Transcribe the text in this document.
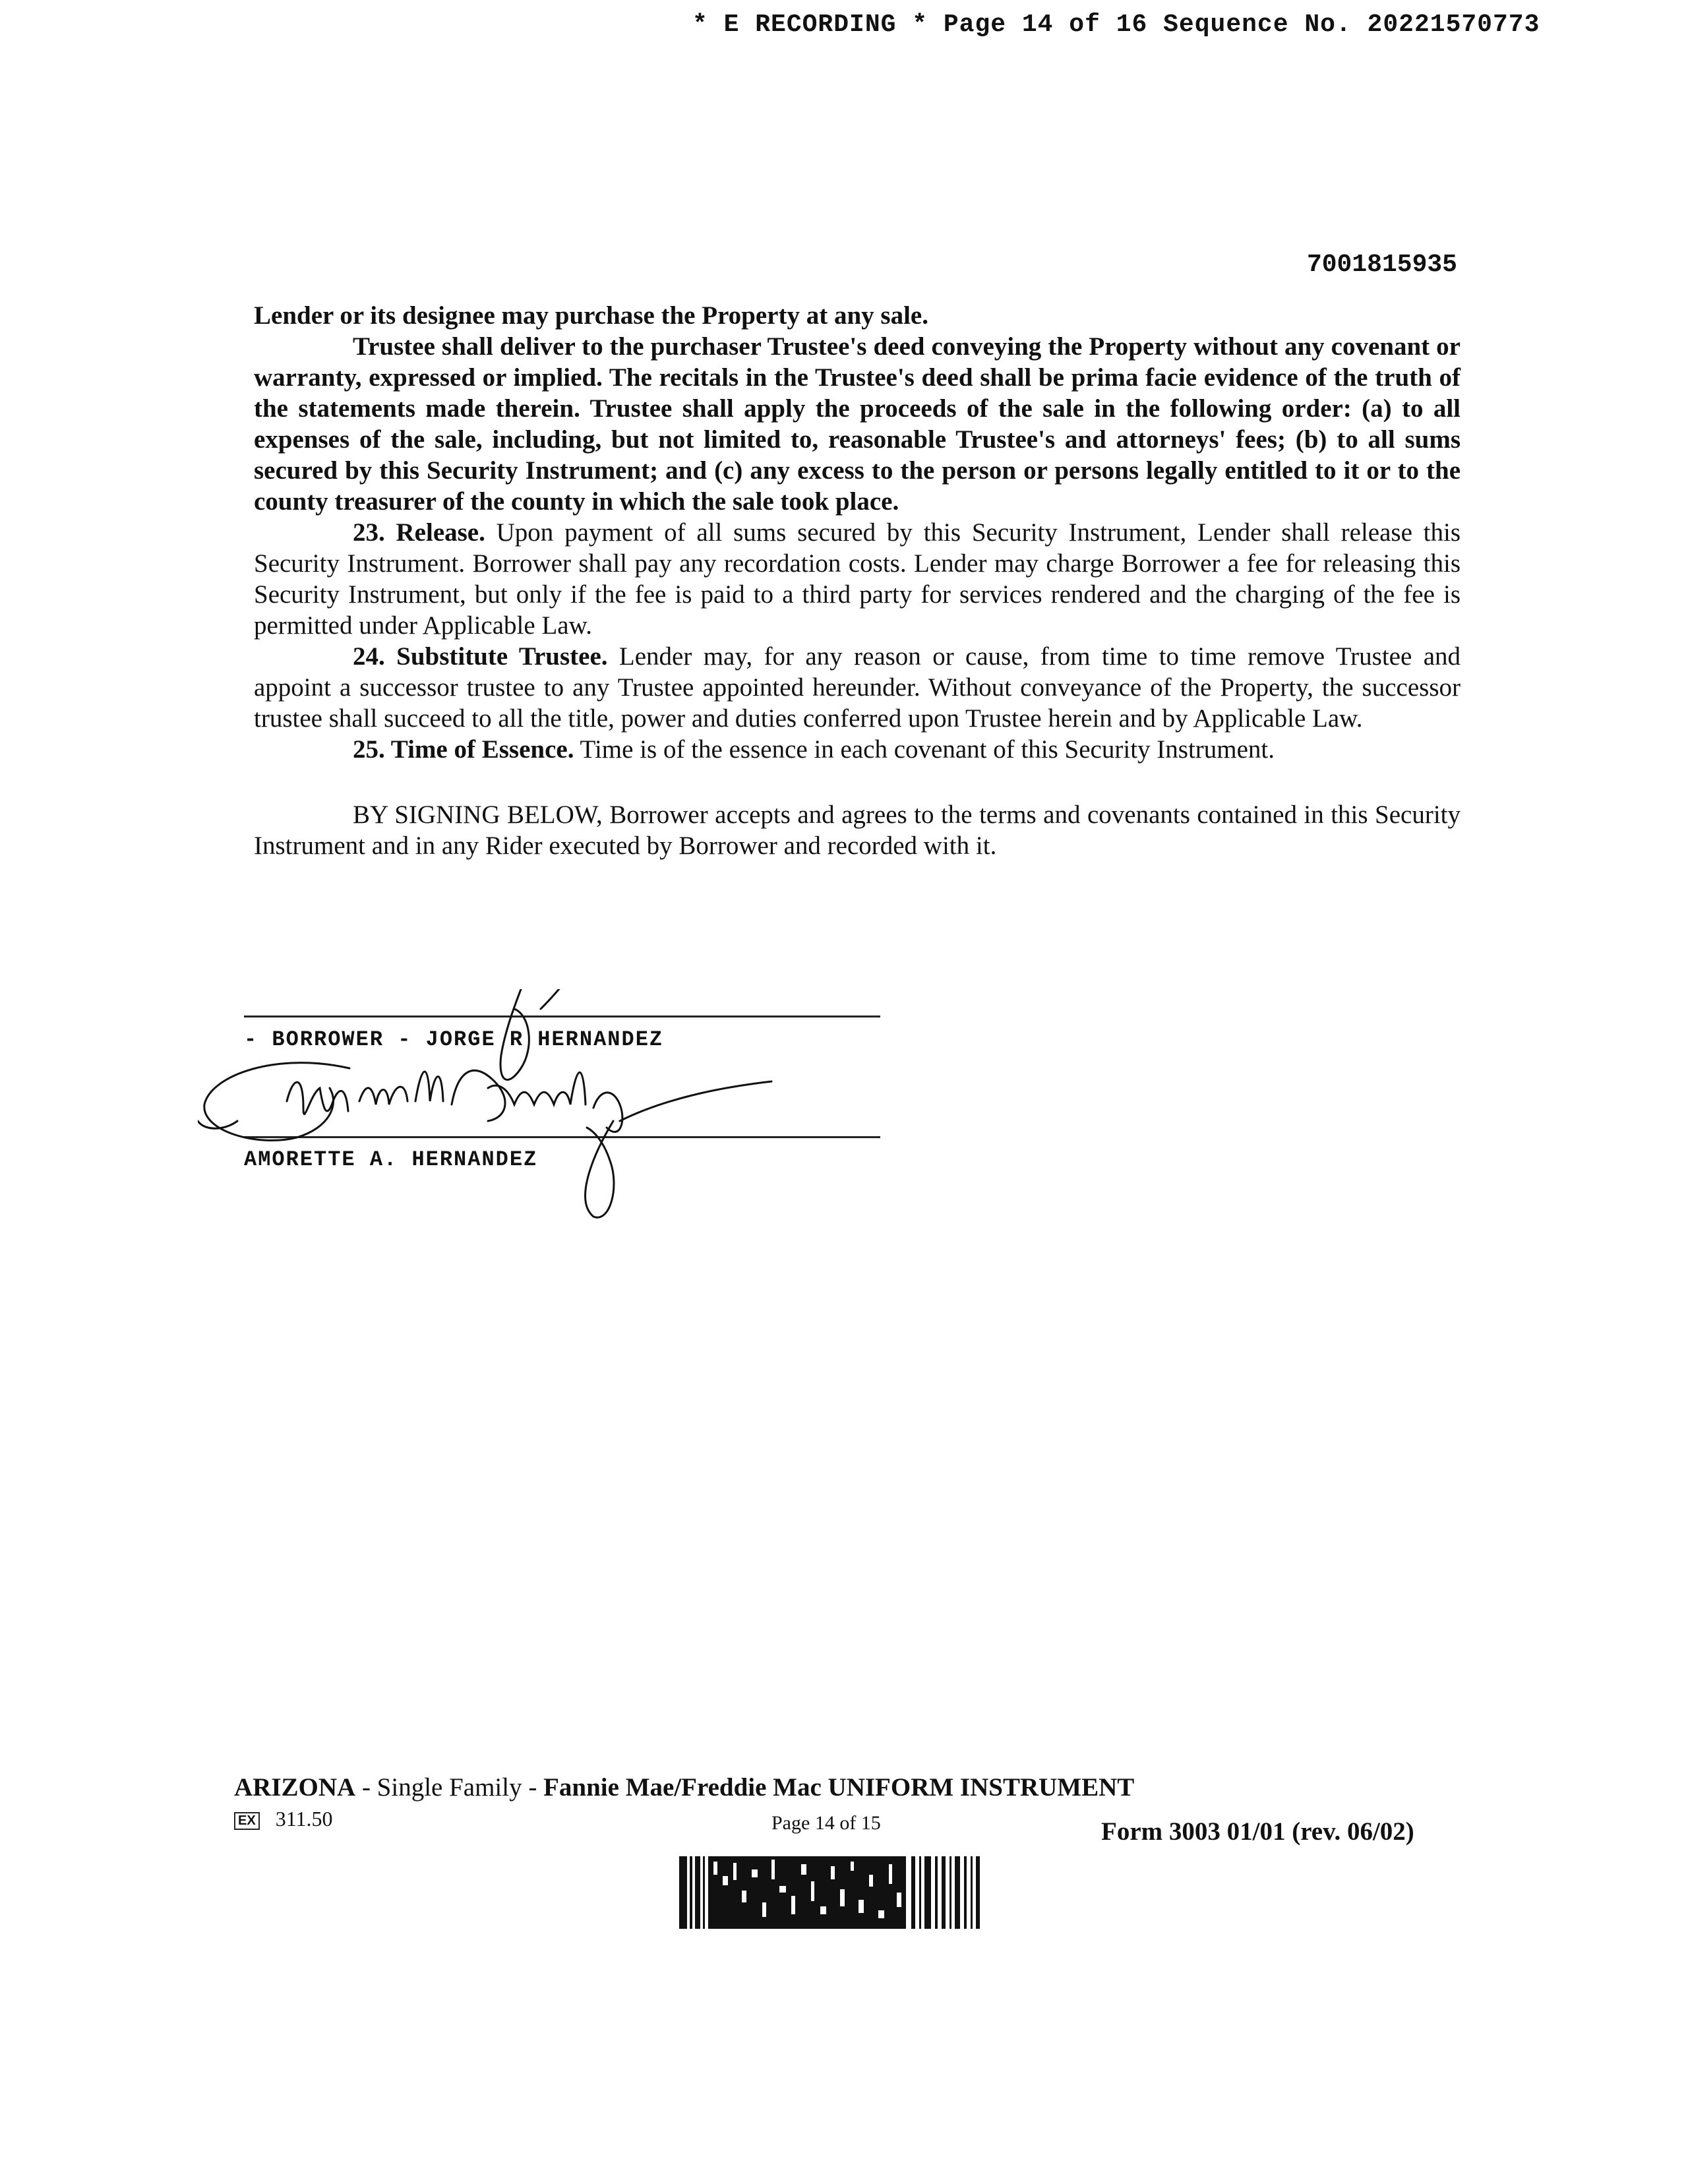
* E RECORDING * Page 14 of 16 Sequence No. 20221570773
7001815935

Lender or its designee may purchase the Property at any sale.

Trustee shall deliver to the purchaser Trustee's deed conveying the Property without any covenant or warranty, expressed or implied. The recitals in the Trustee's deed shall be prima facie evidence of the truth of the statements made therein. Trustee shall apply the proceeds of the sale in the following order: (a) to all expenses of the sale, including, but not limited to, reasonable Trustee's and attorneys' fees; (b) to all sums secured by this Security Instrument; and (c) any excess to the person or persons legally entitled to it or to the county treasurer of the county in which the sale took place.

23. Release. Upon payment of all sums secured by this Security Instrument, Lender shall release this Security Instrument. Borrower shall pay any recordation costs. Lender may charge Borrower a fee for releasing this Security Instrument, but only if the fee is paid to a third party for services rendered and the charging of the fee is permitted under Applicable Law.

24. Substitute Trustee. Lender may, for any reason or cause, from time to time remove Trustee and appoint a successor trustee to any Trustee appointed hereunder. Without conveyance of the Property, the successor trustee shall succeed to all the title, power and duties conferred upon Trustee herein and by Applicable Law.

25. Time of Essence. Time is of the essence in each covenant of this Security Instrument.

BY SIGNING BELOW, Borrower accepts and agrees to the terms and covenants contained in this Security Instrument and in any Rider executed by Borrower and recorded with it.

- BORROWER - JORGE R HERNANDEZ
AMORETTE A. HERNANDEZ
ARIZONA - Single Family - Fannie Mae/Freddie Mac UNIFORM INSTRUMENT
EX 311.50	Page 14 of 15	Form 3003 01/01 (rev. 06/02)
